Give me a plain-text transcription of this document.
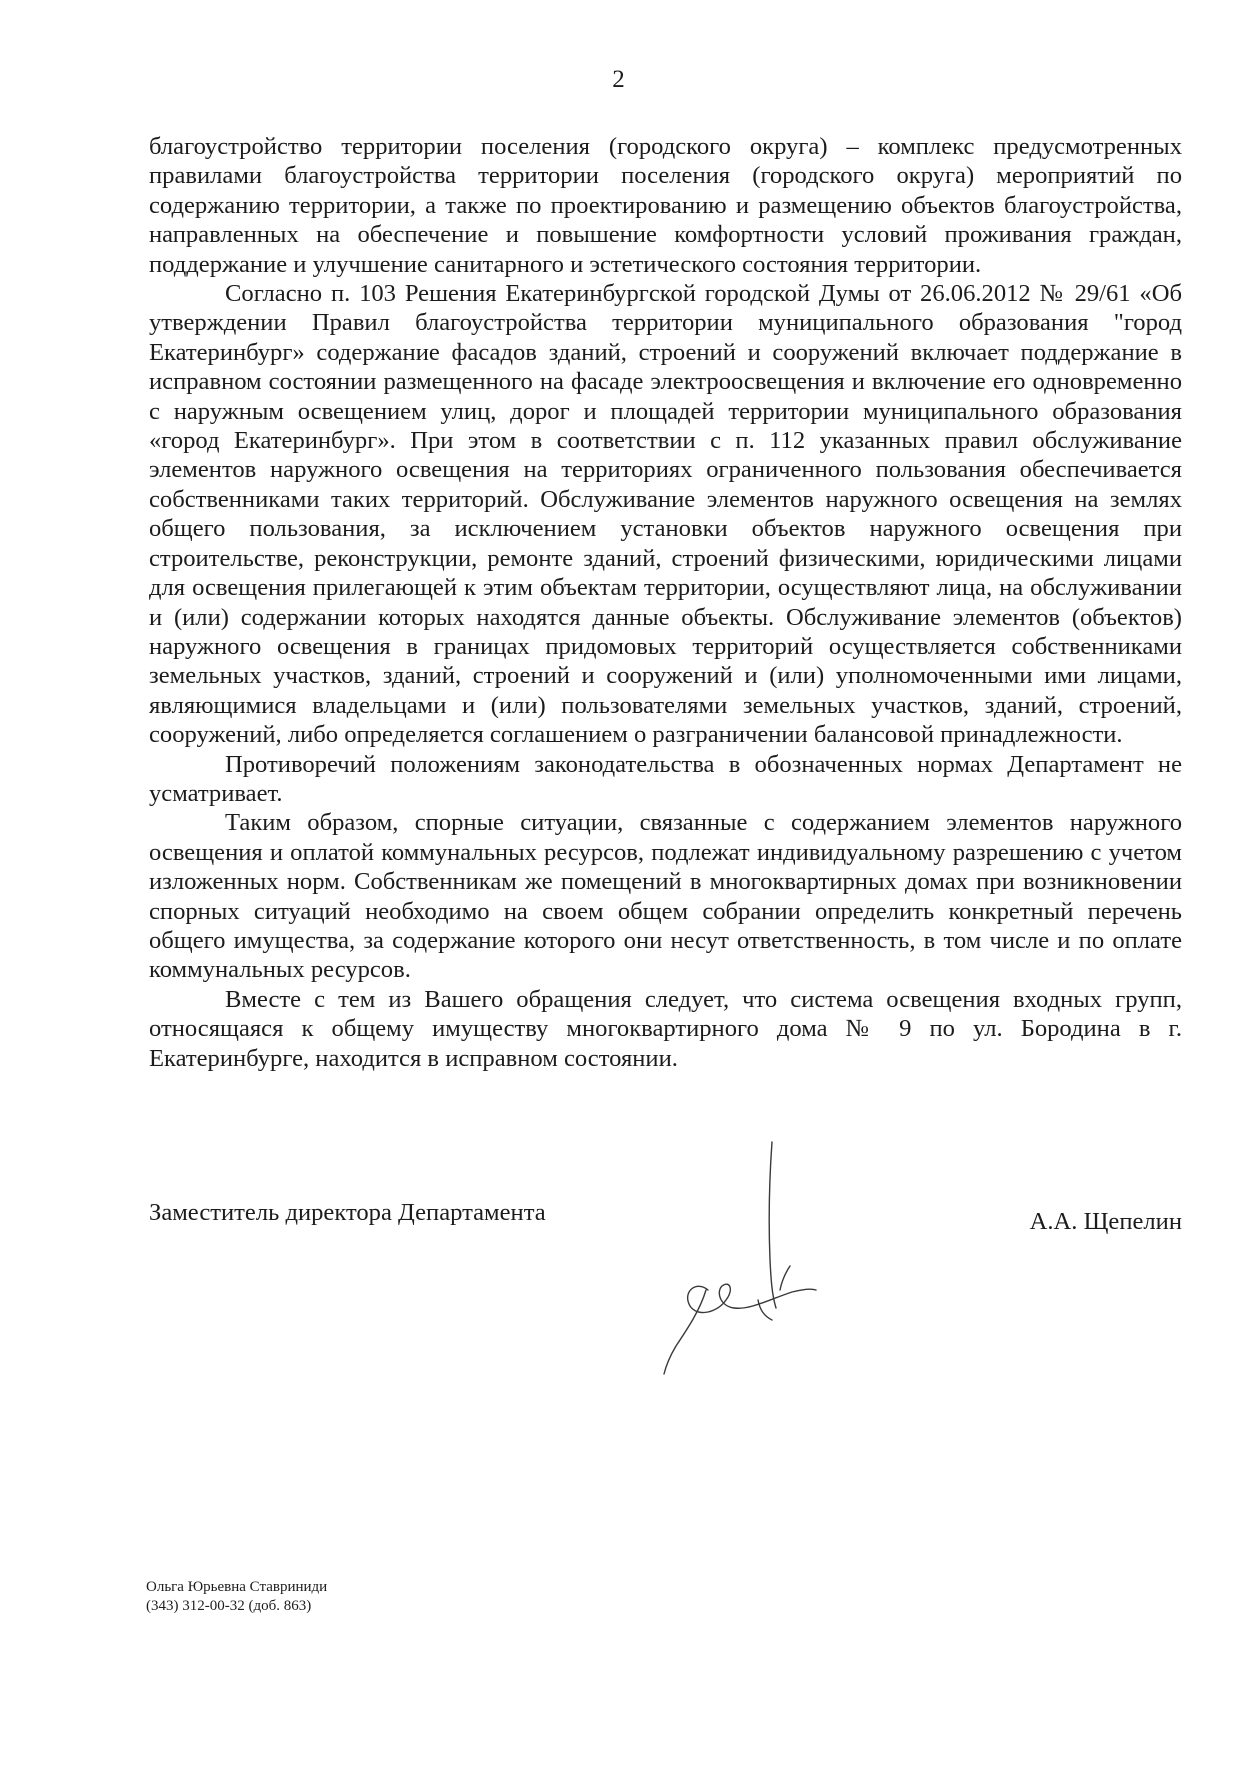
2

благоустройство территории поселения (городского округа) – комплекс предусмотренных правилами благоустройства территории поселения (городского округа) мероприятий по содержанию территории, а также по проектированию и размещению объектов благоустройства, направленных на обеспечение и повышение комфортности условий проживания граждан, поддержание и улучшение санитарного и эстетического состояния территории.

Согласно п. 103 Решения Екатеринбургской городской Думы от 26.06.2012 № 29/61 «Об утверждении Правил благоустройства территории муниципального образования "город Екатеринбург» содержание фасадов зданий, строений и сооружений включает поддержание в исправном состоянии размещенного на фасаде электроосвещения и включение его одновременно с наружным освещением улиц, дорог и площадей территории муниципального образования «город Екатеринбург». При этом в соответствии с п. 112 указанных правил обслуживание элементов наружного освещения на территориях ограниченного пользования обеспечивается собственниками таких территорий. Обслуживание элементов наружного освещения на землях общего пользования, за исключением установки объектов наружного освещения при строительстве, реконструкции, ремонте зданий, строений физическими, юридическими лицами для освещения прилегающей к этим объектам территории, осуществляют лица, на обслуживании и (или) содержании которых находятся данные объекты. Обслуживание элементов (объектов) наружного освещения в границах придомовых территорий осуществляется собственниками земельных участков, зданий, строений и сооружений и (или) уполномоченными ими лицами, являющимися владельцами и (или) пользователями земельных участков, зданий, строений, сооружений, либо определяется соглашением о разграничении балансовой принадлежности.

Противоречий положениям законодательства в обозначенных нормах Департамент не усматривает.

Таким образом, спорные ситуации, связанные с содержанием элементов наружного освещения и оплатой коммунальных ресурсов, подлежат индивидуальному разрешению с учетом изложенных норм. Собственникам же помещений в многоквартирных домах при возникновении спорных ситуаций необходимо на своем общем собрании определить конкретный перечень общего имущества, за содержание которого они несут ответственность, в том числе и по оплате коммунальных ресурсов.

Вместе с тем из Вашего обращения следует, что система освещения входных групп, относящаяся к общему имуществу многоквартирного дома № 9 по ул. Бородина в г. Екатеринбурге, находится в исправном состоянии.

Заместитель директора Департамента	А.А. Щепелин
Ольга Юрьевна Ставриниди
(343) 312-00-32 (доб. 863)
